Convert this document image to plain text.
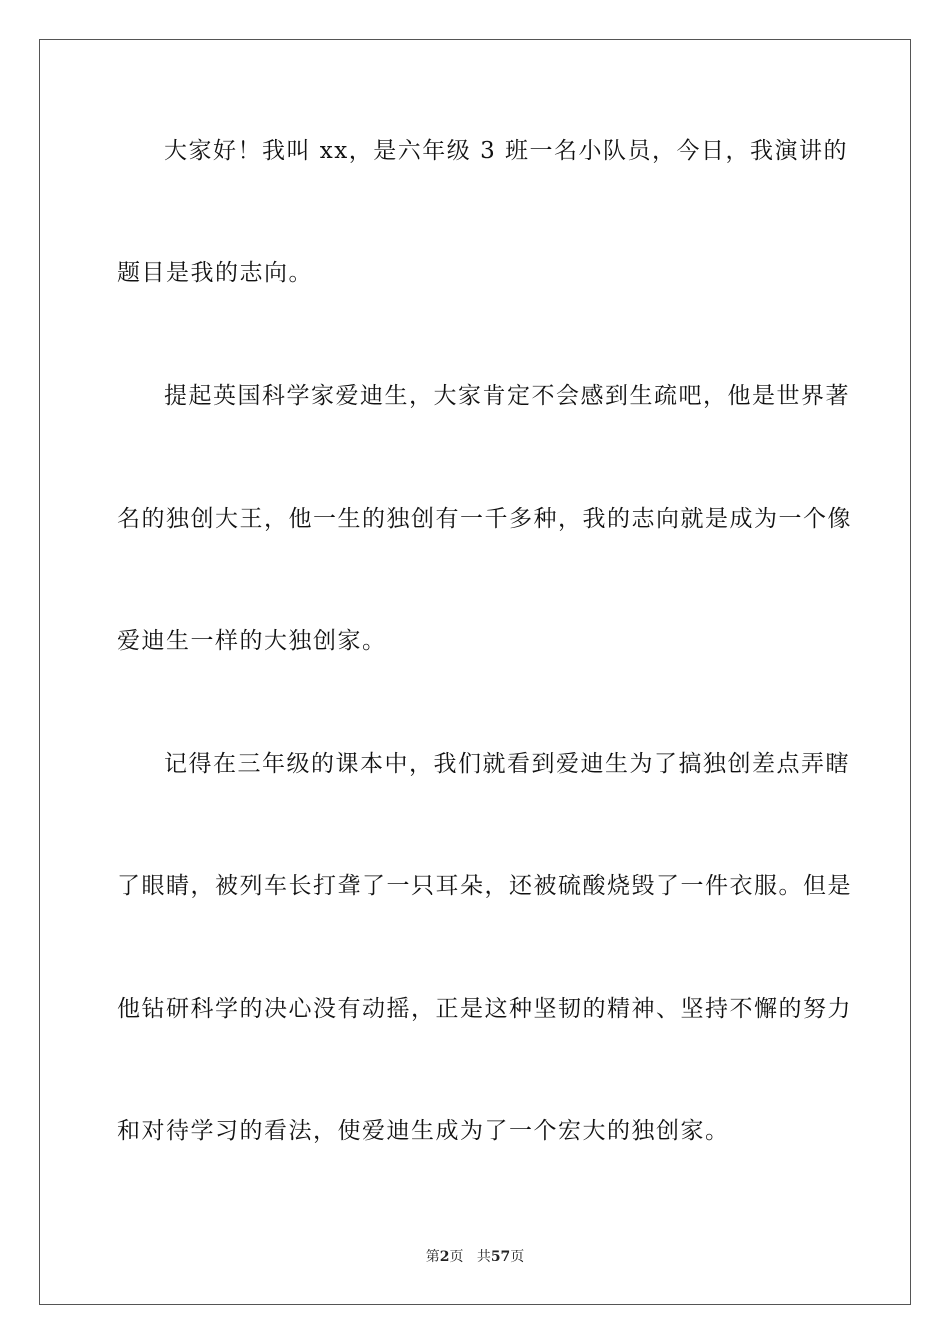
大家好！我叫 xx，是六年级 3 班一名小队员，今日，我演讲的
题目是我的志向。
提起英国科学家爱迪生，大家肯定不会感到生疏吧，他是世界著
名的独创大王，他一生的独创有一千多种，我的志向就是成为一个像
爱迪生一样的大独创家。
记得在三年级的课本中，我们就看到爱迪生为了搞独创差点弄瞎
了眼睛，被列车长打聋了一只耳朵，还被硫酸烧毁了一件衣服。但是
他钻研科学的决心没有动摇，正是这种坚韧的精神、坚持不懈的努力
和对待学习的看法，使爱迪生成为了一个宏大的独创家。
第2页 共57页
